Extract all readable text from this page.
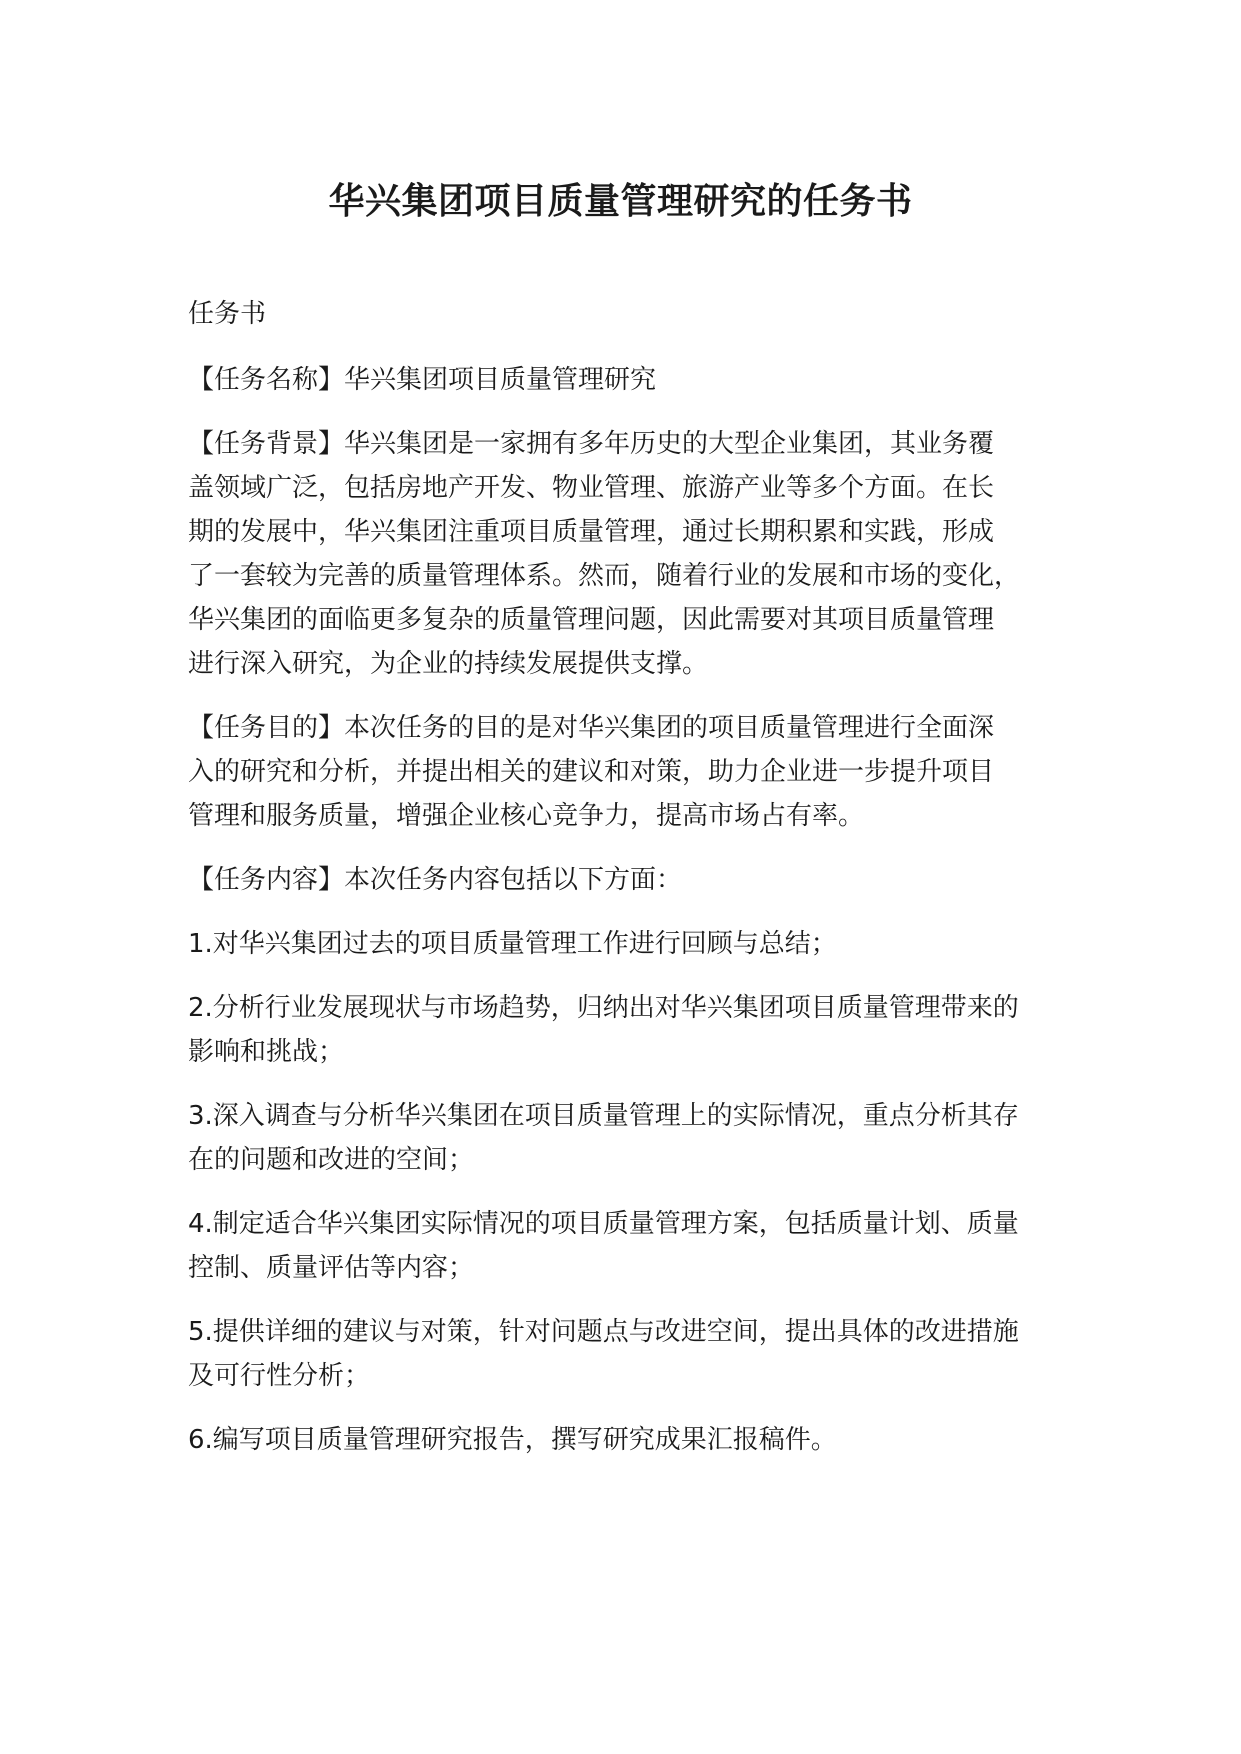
华兴集团项目质量管理研究的任务书

任务书

【任务名称】华兴集团项目质量管理研究

【任务背景】华兴集团是一家拥有多年历史的大型企业集团，其业务覆
盖领域广泛，包括房地产开发、物业管理、旅游产业等多个方面。在长
期的发展中，华兴集团注重项目质量管理，通过长期积累和实践，形成
了一套较为完善的质量管理体系。然而，随着行业的发展和市场的变化，
华兴集团的面临更多复杂的质量管理问题，因此需要对其项目质量管理
进行深入研究，为企业的持续发展提供支撑。

【任务目的】本次任务的目的是对华兴集团的项目质量管理进行全面深
入的研究和分析，并提出相关的建议和对策，助力企业进一步提升项目
管理和服务质量，增强企业核心竞争力，提高市场占有率。

【任务内容】本次任务内容包括以下方面：

1.对华兴集团过去的项目质量管理工作进行回顾与总结；

2.分析行业发展现状与市场趋势，归纳出对华兴集团项目质量管理带来的
影响和挑战；

3.深入调查与分析华兴集团在项目质量管理上的实际情况，重点分析其存
在的问题和改进的空间；

4.制定适合华兴集团实际情况的项目质量管理方案，包括质量计划、质量
控制、质量评估等内容；

5.提供详细的建议与对策，针对问题点与改进空间，提出具体的改进措施
及可行性分析；

6.编写项目质量管理研究报告，撰写研究成果汇报稿件。
